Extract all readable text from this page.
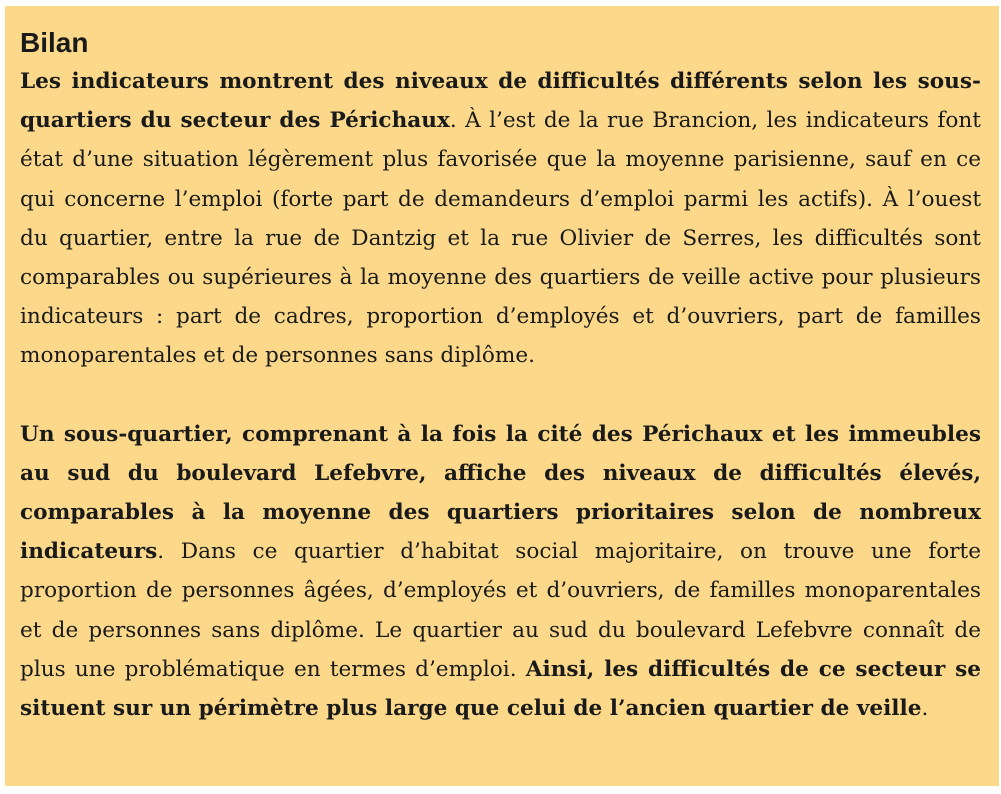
Bilan

Les indicateurs montrent des niveaux de difficultés différents selon les sous-quartiers du secteur des Périchaux. À l’est de la rue Brancion, les indicateurs font état d’une situation légèrement plus favorisée que la moyenne parisienne, sauf en ce qui concerne l’emploi (forte part de demandeurs d’emploi parmi les actifs). À l’ouest du quartier, entre la rue de Dantzig et la rue Olivier de Serres, les difficultés sont comparables ou supérieures à la moyenne des quartiers de veille active pour plusieurs indicateurs : part de cadres, proportion d’employés et d’ouvriers, part de familles monoparentales et de personnes sans diplôme.

Un sous-quartier, comprenant à la fois la cité des Périchaux et les immeubles au sud du boulevard Lefebvre, affiche des niveaux de difficultés élevés, comparables à la moyenne des quartiers prioritaires selon de nombreux indicateurs. Dans ce quartier d’habitat social majoritaire, on trouve une forte proportion de personnes âgées, d’employés et d’ouvriers, de familles monoparentales et de personnes sans diplôme. Le quartier au sud du boulevard Lefebvre connaît de plus une problématique en termes d’emploi. Ainsi, les difficultés de ce secteur se situent sur un périmètre plus large que celui de l’ancien quartier de veille.
